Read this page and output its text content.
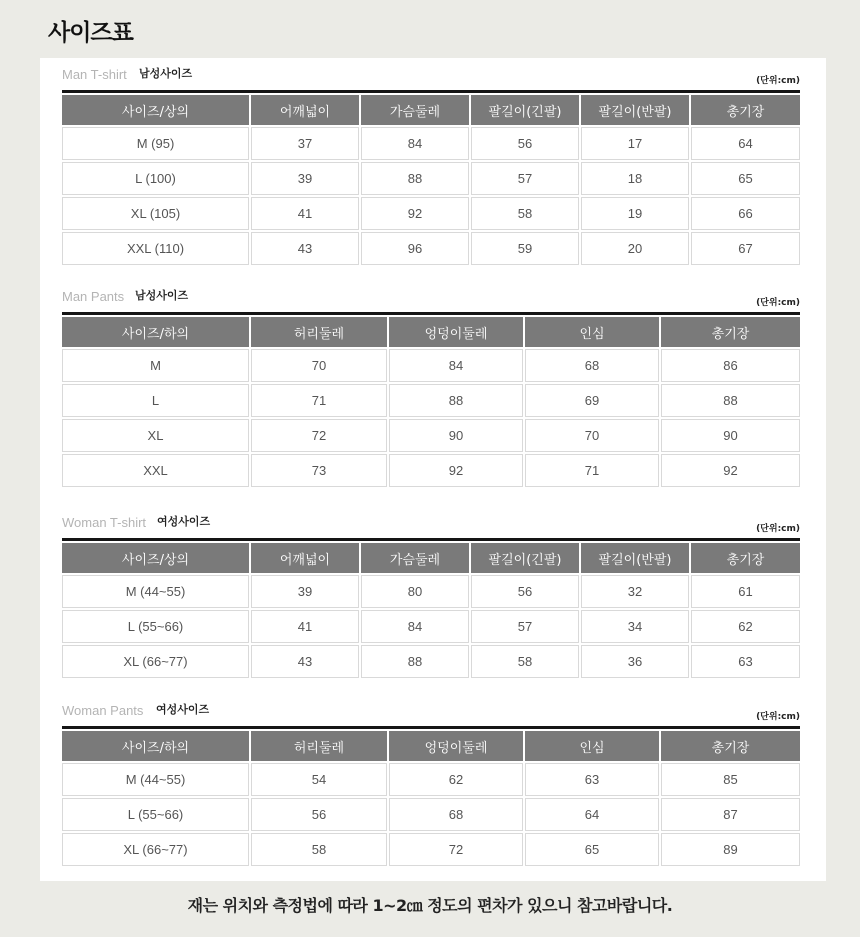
사이즈표
Man T-shirt 남성사이즈
(단위:cm)
사이즈/상의	어깨넓이	가슴둘레	팔길이(긴팔)	팔길이(반팔)	총기장
M (95)	37	84	56	17	64
L (100)	39	88	57	18	65
XL (105)	41	92	58	19	66
XXL (110)	43	96	59	20	67
Man Pants 남성사이즈
(단위:cm)
사이즈/하의	허리둘레	엉덩이둘레	인심	총기장
M	70	84	68	86
L	71	88	69	88
XL	72	90	70	90
XXL	73	92	71	92
Woman T-shirt 여성사이즈
(단위:cm)
사이즈/상의	어깨넓이	가슴둘레	팔길이(긴팔)	팔길이(반팔)	총기장
M (44~55)	39	80	56	32	61
L (55~66)	41	84	57	34	62
XL (66~77)	43	88	58	36	63
Woman Pants 여성사이즈
(단위:cm)
사이즈/하의	허리둘레	엉덩이둘레	인심	총기장
M (44~55)	54	62	63	85
L (55~66)	56	68	64	87
XL (66~77)	58	72	65	89
재는 위치와 측정법에 따라 1~2㎝ 정도의 편차가 있으니 참고바랍니다.
